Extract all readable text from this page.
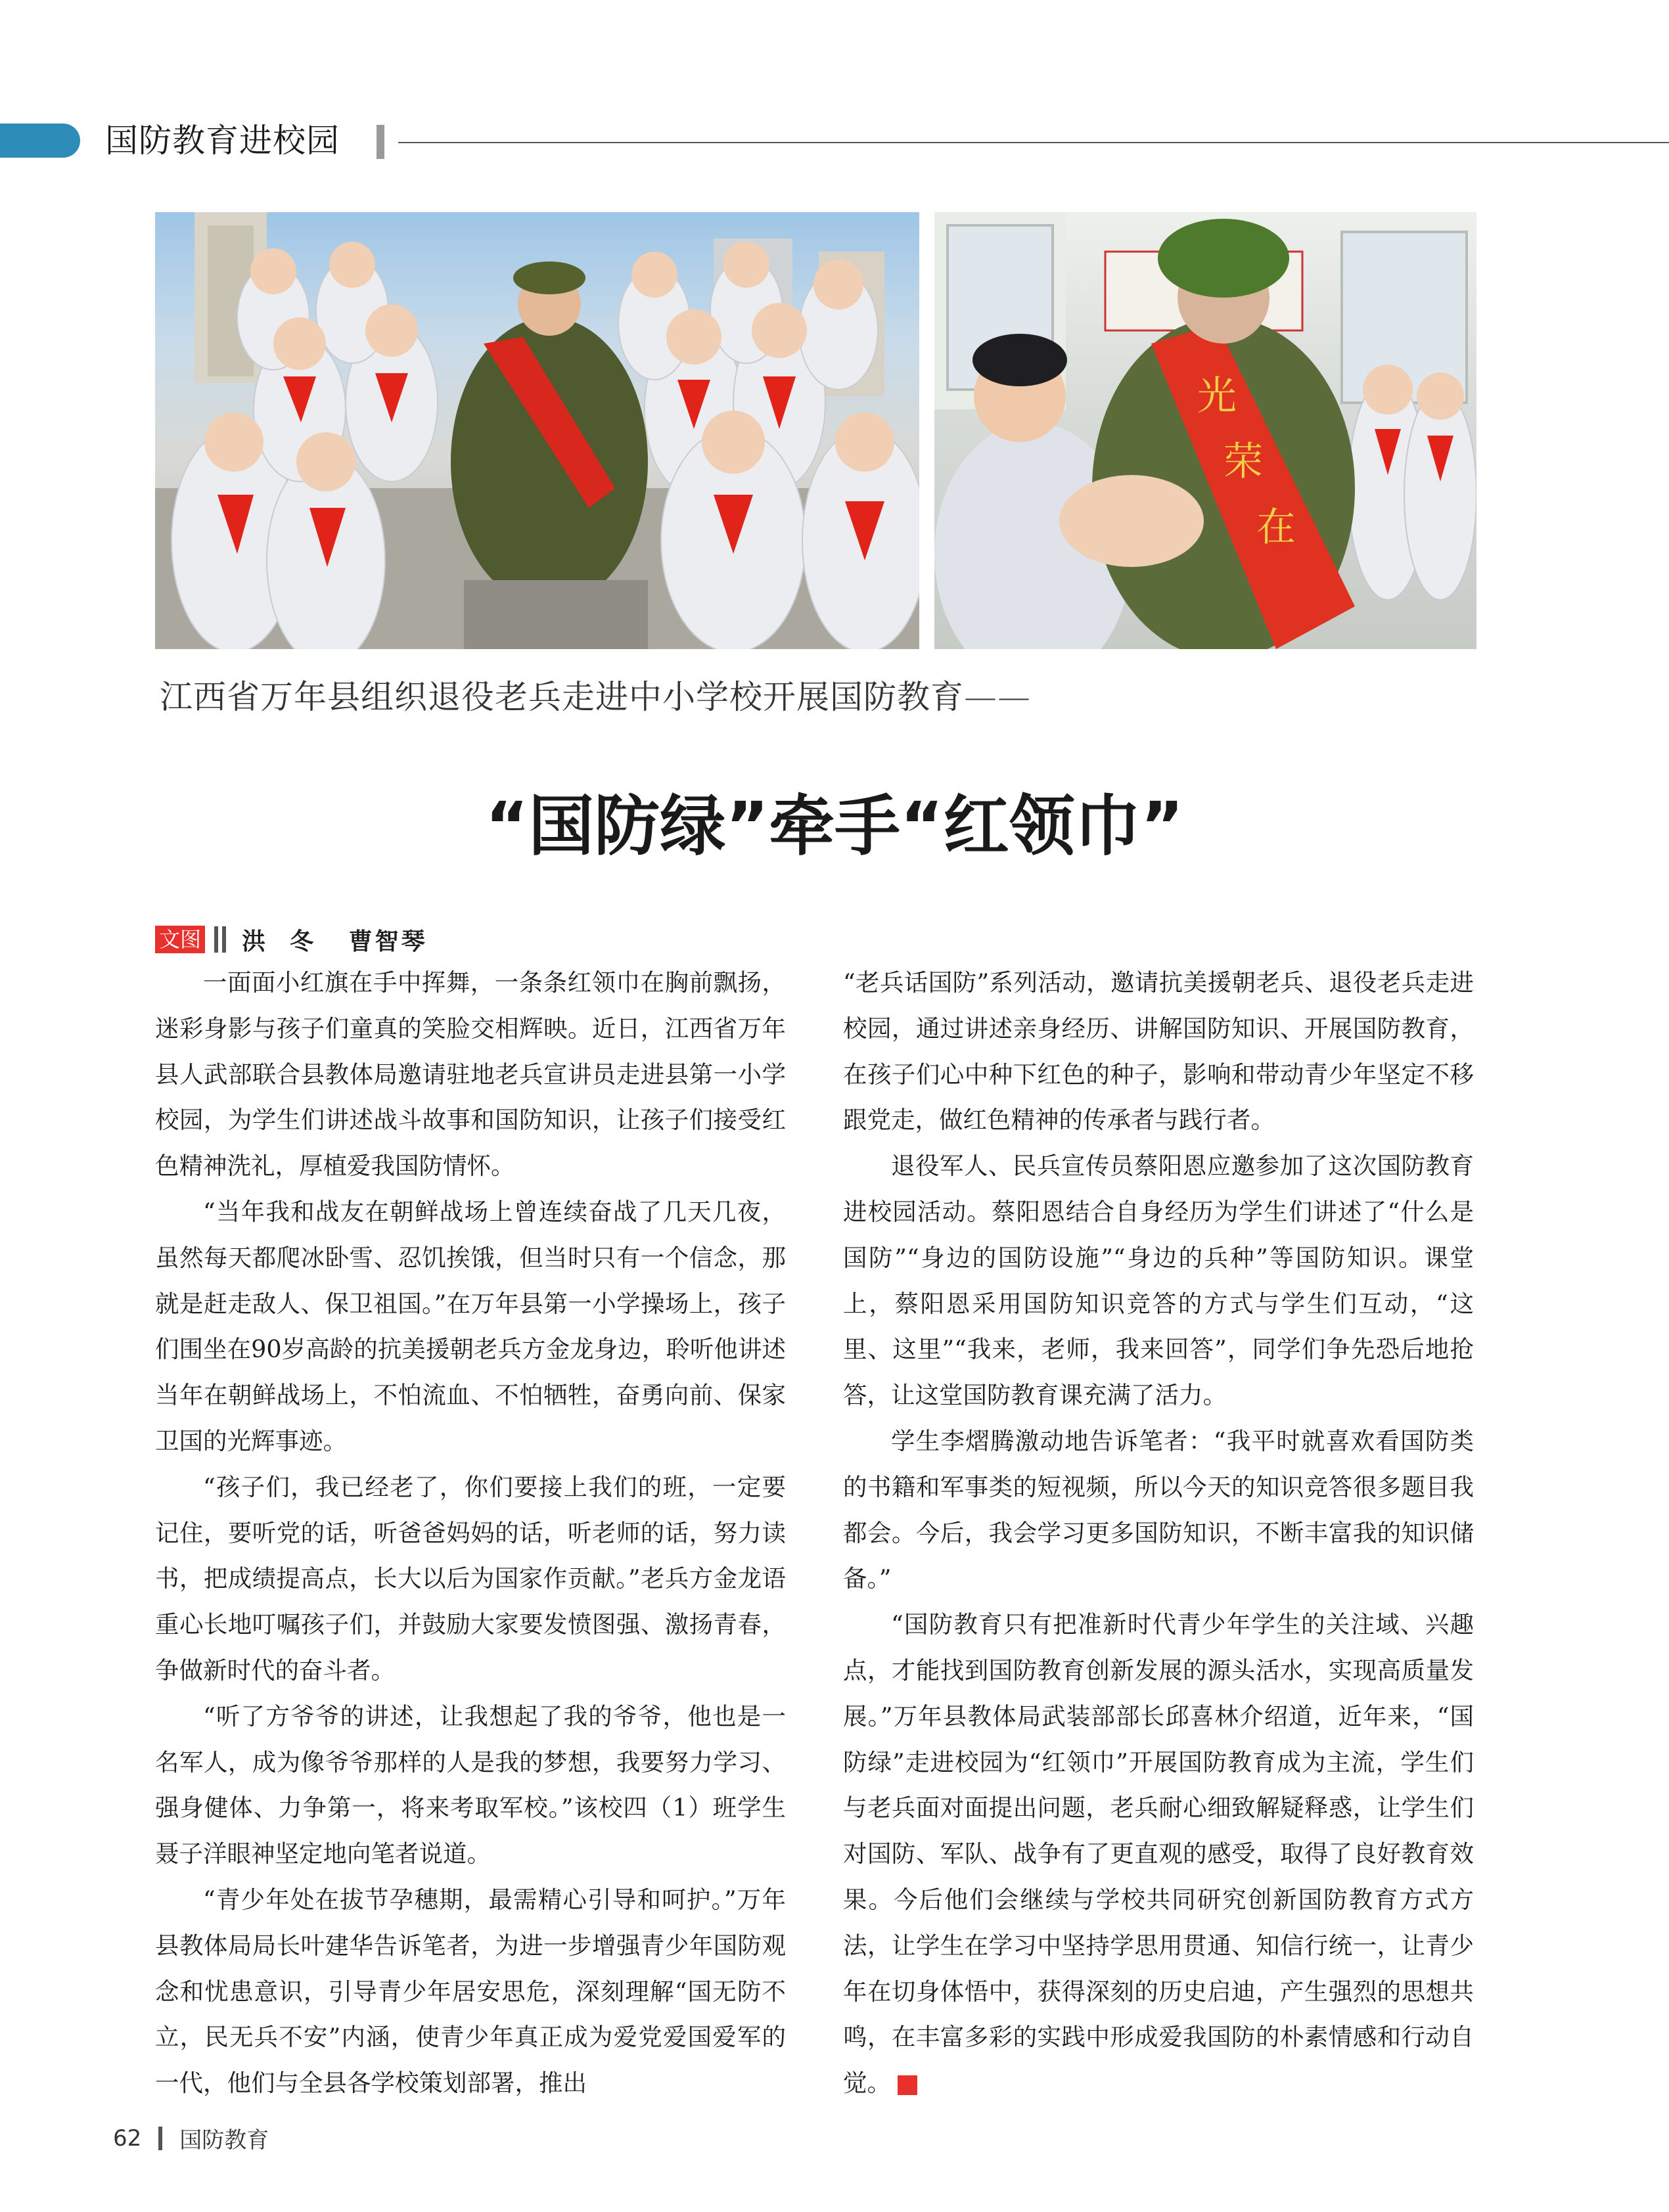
国防教育进校园
光
荣
在
江西省万年县组织退役老兵走进中小学校开展国防教育——
“国防绿”牵手“红领巾”
文图 洪  冬   曹智琴

一面面小红旗在手中挥舞，一条条红领巾在胸前飘扬，迷彩身影与孩子们童真的笑脸交相辉映。近日，江西省万年县人武部联合县教体局邀请驻地老兵宣讲员走进县第一小学校园，为学生们讲述战斗故事和国防知识，让孩子们接受红色精神洗礼，厚植爱我国防情怀。

“当年我和战友在朝鲜战场上曾连续奋战了几天几夜，虽然每天都爬冰卧雪、忍饥挨饿，但当时只有一个信念，那就是赶走敌人、保卫祖国。”在万年县第一小学操场上，孩子们围坐在90岁高龄的抗美援朝老兵方金龙身边，聆听他讲述当年在朝鲜战场上，不怕流血、不怕牺牲，奋勇向前、保家卫国的光辉事迹。

“孩子们，我已经老了，你们要接上我们的班，一定要记住，要听党的话，听爸爸妈妈的话，听老师的话，努力读书，把成绩提高点，长大以后为国家作贡献。”老兵方金龙语重心长地叮嘱孩子们，并鼓励大家要发愤图强、激扬青春，争做新时代的奋斗者。

“听了方爷爷的讲述，让我想起了我的爷爷，他也是一名军人，成为像爷爷那样的人是我的梦想，我要努力学习、强身健体、力争第一，将来考取军校。”该校四（1）班学生聂子洋眼神坚定地向笔者说道。

“青少年处在拔节孕穗期，最需精心引导和呵护。”万年县教体局局长叶建华告诉笔者，为进一步增强青少年国防观念和忧患意识，引导青少年居安思危，深刻理解“国无防不立，民无兵不安”内涵，使青少年真正成为爱党爱国爱军的一代，他们与全县各学校策划部署，推出

“老兵话国防”系列活动，邀请抗美援朝老兵、退役老兵走进校园，通过讲述亲身经历、讲解国防知识、开展国防教育，在孩子们心中种下红色的种子，影响和带动青少年坚定不移跟党走，做红色精神的传承者与践行者。

退役军人、民兵宣传员蔡阳恩应邀参加了这次国防教育进校园活动。蔡阳恩结合自身经历为学生们讲述了“什么是国防”“身边的国防设施”“身边的兵种”等国防知识。课堂上，蔡阳恩采用国防知识竞答的方式与学生们互动，“这里、这里”“我来，老师，我来回答”，同学们争先恐后地抢答，让这堂国防教育课充满了活力。

学生李熠腾激动地告诉笔者：“我平时就喜欢看国防类的书籍和军事类的短视频，所以今天的知识竞答很多题目我都会。今后，我会学习更多国防知识，不断丰富我的知识储备。”

“国防教育只有把准新时代青少年学生的关注域、兴趣点，才能找到国防教育创新发展的源头活水，实现高质量发展。”万年县教体局武装部部长邱喜林介绍道，近年来，“国防绿”走进校园为“红领巾”开展国防教育成为主流，学生们与老兵面对面提出问题，老兵耐心细致解疑释惑，让学生们对国防、军队、战争有了更直观的感受，取得了良好教育效果。今后他们会继续与学校共同研究创新国防教育方式方法，让学生在学习中坚持学思用贯通、知信行统一，让青少年在切身体悟中，获得深刻的历史启迪，产生强烈的思想共鸣，在丰富多彩的实践中形成爱我国防的朴素情感和行动自觉。	G

62 国防教育
